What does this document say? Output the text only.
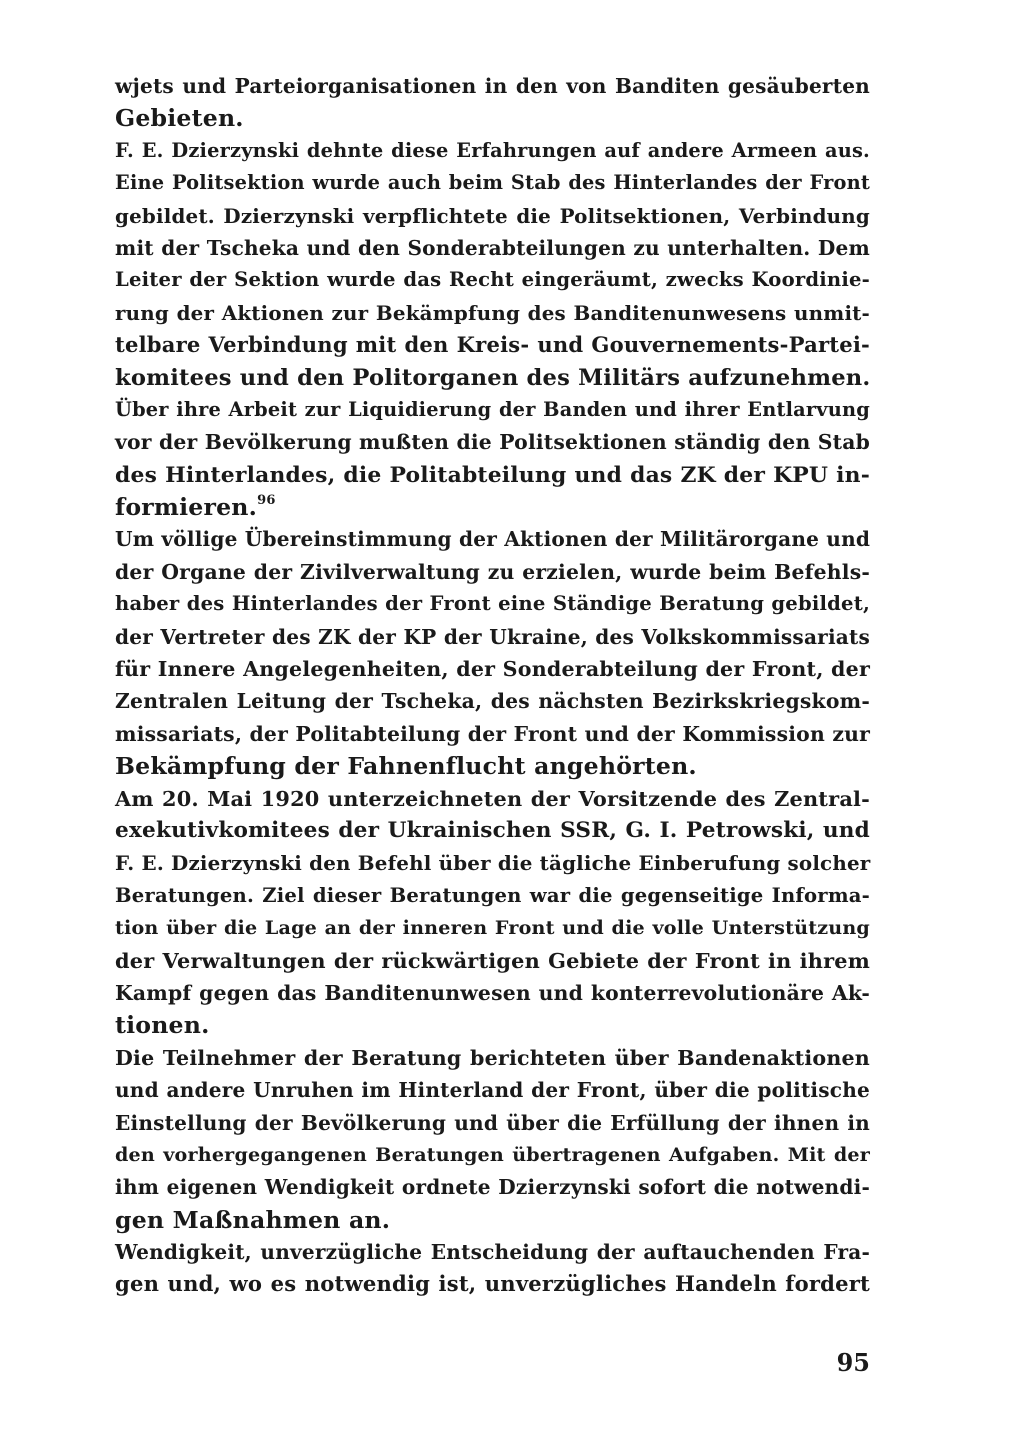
wjets und Parteiorganisationen in den von Banditen gesäuberten
Gebieten.
F. E. Dzierzynski dehnte diese Erfahrungen auf andere Armeen aus.
Eine Politsektion wurde auch beim Stab des Hinterlandes der Front
gebildet. Dzierzynski verpflichtete die Politsektionen, Verbindung
mit der Tscheka und den Sonderabteilungen zu unterhalten. Dem
Leiter der Sektion wurde das Recht eingeräumt, zwecks Koordinie-
rung der Aktionen zur Bekämpfung des Banditenunwesens unmit-
telbare Verbindung mit den Kreis- und Gouvernements-Partei-
komitees und den Politorganen des Militärs aufzunehmen.
Über ihre Arbeit zur Liquidierung der Banden und ihrer Entlarvung
vor der Bevölkerung mußten die Politsektionen ständig den Stab
des Hinterlandes, die Politabteilung und das ZK der KPU in-
formieren.$^{96}$
Um völlige Übereinstimmung der Aktionen der Militärorgane und
der Organe der Zivilverwaltung zu erzielen, wurde beim Befehls-
haber des Hinterlandes der Front eine Ständige Beratung gebildet,
der Vertreter des ZK der KP der Ukraine, des Volkskommissariats
für Innere Angelegenheiten, der Sonderabteilung der Front, der
Zentralen Leitung der Tscheka, des nächsten Bezirkskriegskom-
missariats, der Politabteilung der Front und der Kommission zur
Bekämpfung der Fahnenflucht angehörten.
Am 20. Mai 1920 unterzeichneten der Vorsitzende des Zentral-
exekutivkomitees der Ukrainischen SSR, G. I. Petrowski, und
F. E. Dzierzynski den Befehl über die tägliche Einberufung solcher
Beratungen. Ziel dieser Beratungen war die gegenseitige Informa-
tion über die Lage an der inneren Front und die volle Unterstützung
der Verwaltungen der rückwärtigen Gebiete der Front in ihrem
Kampf gegen das Banditenunwesen und konterrevolutionäre Ak-
tionen.
Die Teilnehmer der Beratung berichteten über Bandenaktionen
und andere Unruhen im Hinterland der Front, über die politische
Einstellung der Bevölkerung und über die Erfüllung der ihnen in
den vorhergegangenen Beratungen übertragenen Aufgaben. Mit der
ihm eigenen Wendigkeit ordnete Dzierzynski sofort die notwendi-
gen Maßnahmen an.
Wendigkeit, unverzügliche Entscheidung der auftauchenden Fra-
gen und, wo es notwendig ist, unverzügliches Handeln fordert
95
